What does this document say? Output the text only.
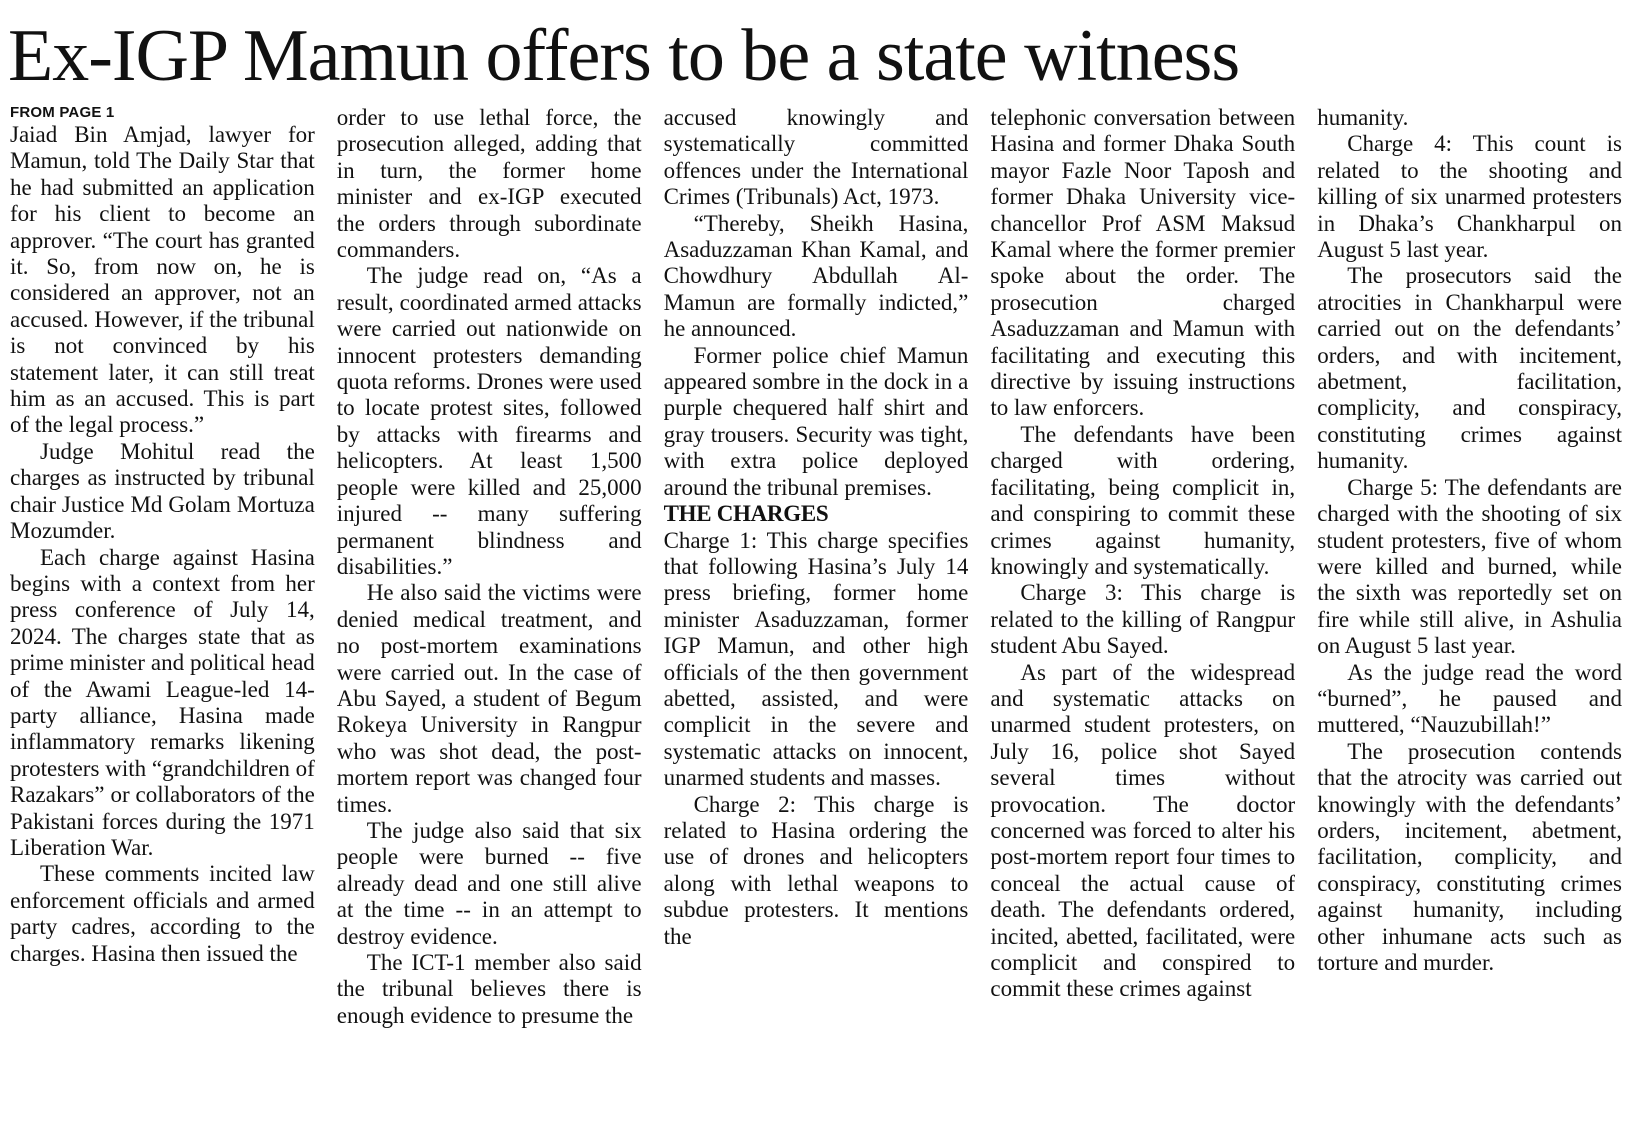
Ex-IGP Mamun offers to be a state witness
FROM PAGE 1

Jaiad Bin Amjad, lawyer for Mamun, told The Daily Star that he had submitted an application for his client to become an approver. “The court has granted it. So, from now on, he is considered an approver, not an accused. However, if the tribunal is not convinced by his statement later, it can still treat him as an accused. This is part of the legal process.”

Judge Mohitul read the charges as instructed by tribunal chair Justice Md Golam Mortuza Mozumder.

Each charge against Hasina begins with a context from her press conference of July 14, 2024. The charges state that as prime minister and political head of the Awami League-led 14-party alliance, Hasina made inflammatory remarks likening protesters with “grandchildren of Razakars” or collaborators of the Pakistani forces during the 1971 Liberation War.

These comments incited law enforcement officials and armed party cadres, according to the charges. Hasina then issued the

order to use lethal force, the prosecution alleged, adding that in turn, the former home minister and ex-IGP executed the orders through subordinate commanders.

The judge read on, “As a result, coordinated armed attacks were carried out nationwide on innocent protesters demanding quota reforms. Drones were used to locate protest sites, followed by attacks with firearms and helicopters. At least 1,500 people were killed and 25,000 injured -- many suffering permanent blindness and disabilities.”

He also said the victims were denied medical treatment, and no post-mortem examinations were carried out. In the case of Abu Sayed, a student of Begum Rokeya University in Rangpur who was shot dead, the post-mortem report was changed four times.

The judge also said that six people were burned -- five already dead and one still alive at the time -- in an attempt to destroy evidence.

The ICT-1 member also said the tribunal believes there is enough evidence to presume the

accused knowingly and systematically committed offences under the International Crimes (Tribunals) Act, 1973.

“Thereby, Sheikh Hasina, Asaduzzaman Khan Kamal, and Chowdhury Abdullah Al-Mamun are formally indicted,” he announced.

Former police chief Mamun appeared sombre in the dock in a purple chequered half shirt and gray trousers. Security was tight, with extra police deployed around the tribunal premises.

THE CHARGES

Charge 1: This charge specifies that following Hasina’s July 14 press briefing, former home minister Asaduzzaman, former IGP Mamun, and other high officials of the then government abetted, assisted, and were complicit in the severe and systematic attacks on innocent, unarmed students and masses.

Charge 2: This charge is related to Hasina ordering the use of drones and helicopters along with lethal weapons to subdue protesters. It mentions the

telephonic conversation between Hasina and former Dhaka South mayor Fazle Noor Taposh and former Dhaka University vice-chancellor Prof ASM Maksud Kamal where the former premier spoke about the order. The prosecution charged Asaduzzaman and Mamun with facilitating and executing this directive by issuing instructions to law enforcers.

The defendants have been charged with ordering, facilitating, being complicit in, and conspiring to commit these crimes against humanity, knowingly and systematically.

Charge 3: This charge is related to the killing of Rangpur student Abu Sayed.

As part of the widespread and systematic attacks on unarmed student protesters, on July 16, police shot Sayed several times without provocation. The doctor concerned was forced to alter his post-mortem report four times to conceal the actual cause of death. The defendants ordered, incited, abetted, facilitated, were complicit and conspired to commit these crimes against

humanity.

Charge 4: This count is related to the shooting and killing of six unarmed protesters in Dhaka’s Chankharpul on August 5 last year.

The prosecutors said the atrocities in Chankharpul were carried out on the defendants’ orders, and with incitement, abetment, facilitation, complicity, and conspiracy, constituting crimes against humanity.

Charge 5: The defendants are charged with the shooting of six student protesters, five of whom were killed and burned, while the sixth was reportedly set on fire while still alive, in Ashulia on August 5 last year.

As the judge read the word “burned”, he paused and muttered, “Nauzubillah!”

The prosecution contends that the atrocity was carried out knowingly with the defendants’ orders, incitement, abetment, facilitation, complicity, and conspiracy, constituting crimes against humanity, including other inhumane acts such as torture and murder.
